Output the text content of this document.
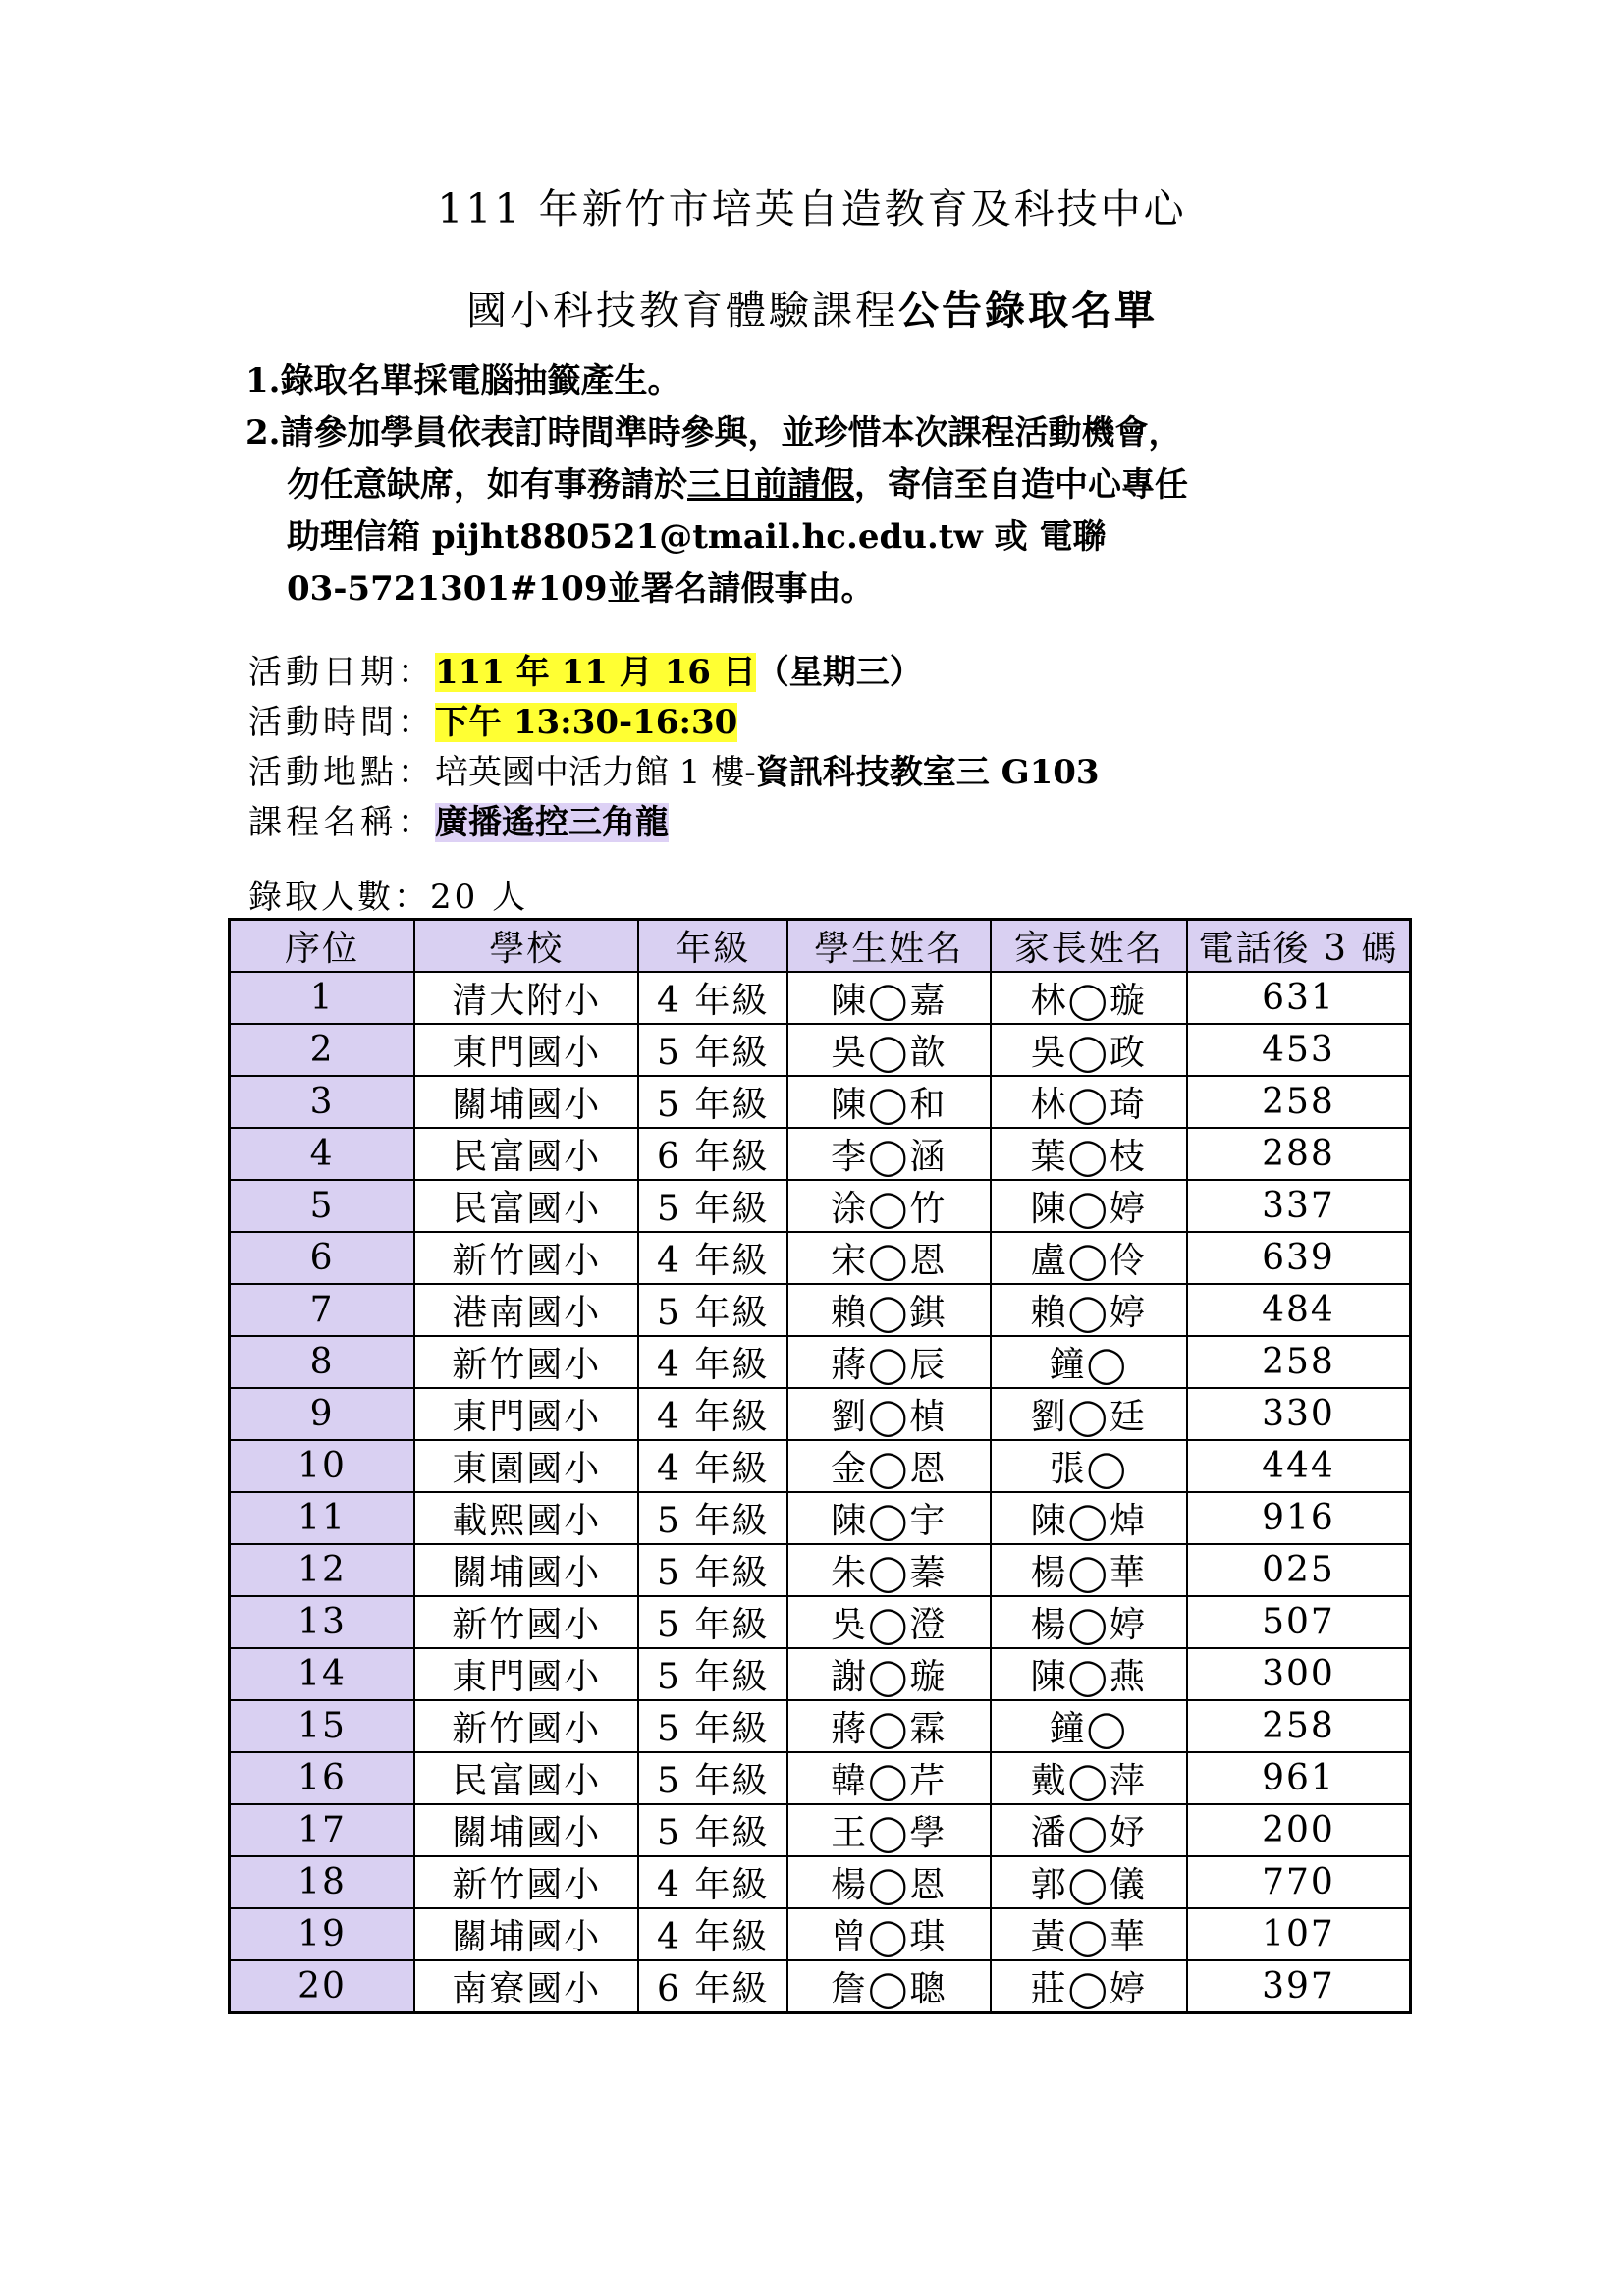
111 年新竹市培英自造教育及科技中心
國小科技教育體驗課程公告錄取名單
1.錄取名單採電腦抽籤產生。
2.請參加學員依表訂時間準時參與，並珍惜本次課程活動機會，
勿任意缺席，如有事務請於三日前請假，寄信至自造中心專任
助理信箱 pijht880521@tmail.hc.edu.tw 或 電聯
03-5721301#109並署名請假事由。
活動日期：111 年 11 月 16 日（星期三）
活動時間：下午 13:30-16:30
活動地點：培英國中活力館 1 樓-資訊科技教室三 G103
課程名稱：廣播遙控三角龍
錄取人數：20 人
序位	學校	年級	學生姓名	家長姓名	電話後 3 碼
1	清大附小	4 年級	陳◯嘉	林◯璇	631
2	東門國小	5 年級	吳◯歆	吳◯政	453
3	關埔國小	5 年級	陳◯和	林◯琦	258
4	民富國小	6 年級	李◯涵	葉◯枝	288
5	民富國小	5 年級	涂◯竹	陳◯婷	337
6	新竹國小	4 年級	宋◯恩	盧◯伶	639
7	港南國小	5 年級	賴◯錤	賴◯婷	484
8	新竹國小	4 年級	蔣◯辰	鐘◯	258
9	東門國小	4 年級	劉◯楨	劉◯廷	330
10	東園國小	4 年級	金◯恩	張◯	444
11	載熙國小	5 年級	陳◯宇	陳◯焯	916
12	關埔國小	5 年級	朱◯蓁	楊◯華	025
13	新竹國小	5 年級	吳◯澄	楊◯婷	507
14	東門國小	5 年級	謝◯璇	陳◯燕	300
15	新竹國小	5 年級	蔣◯霖	鐘◯	258
16	民富國小	5 年級	韓◯芹	戴◯萍	961
17	關埔國小	5 年級	王◯學	潘◯妤	200
18	新竹國小	4 年級	楊◯恩	郭◯儀	770
19	關埔國小	4 年級	曾◯琪	黃◯華	107
20	南寮國小	6 年級	詹◯聰	莊◯婷	397
